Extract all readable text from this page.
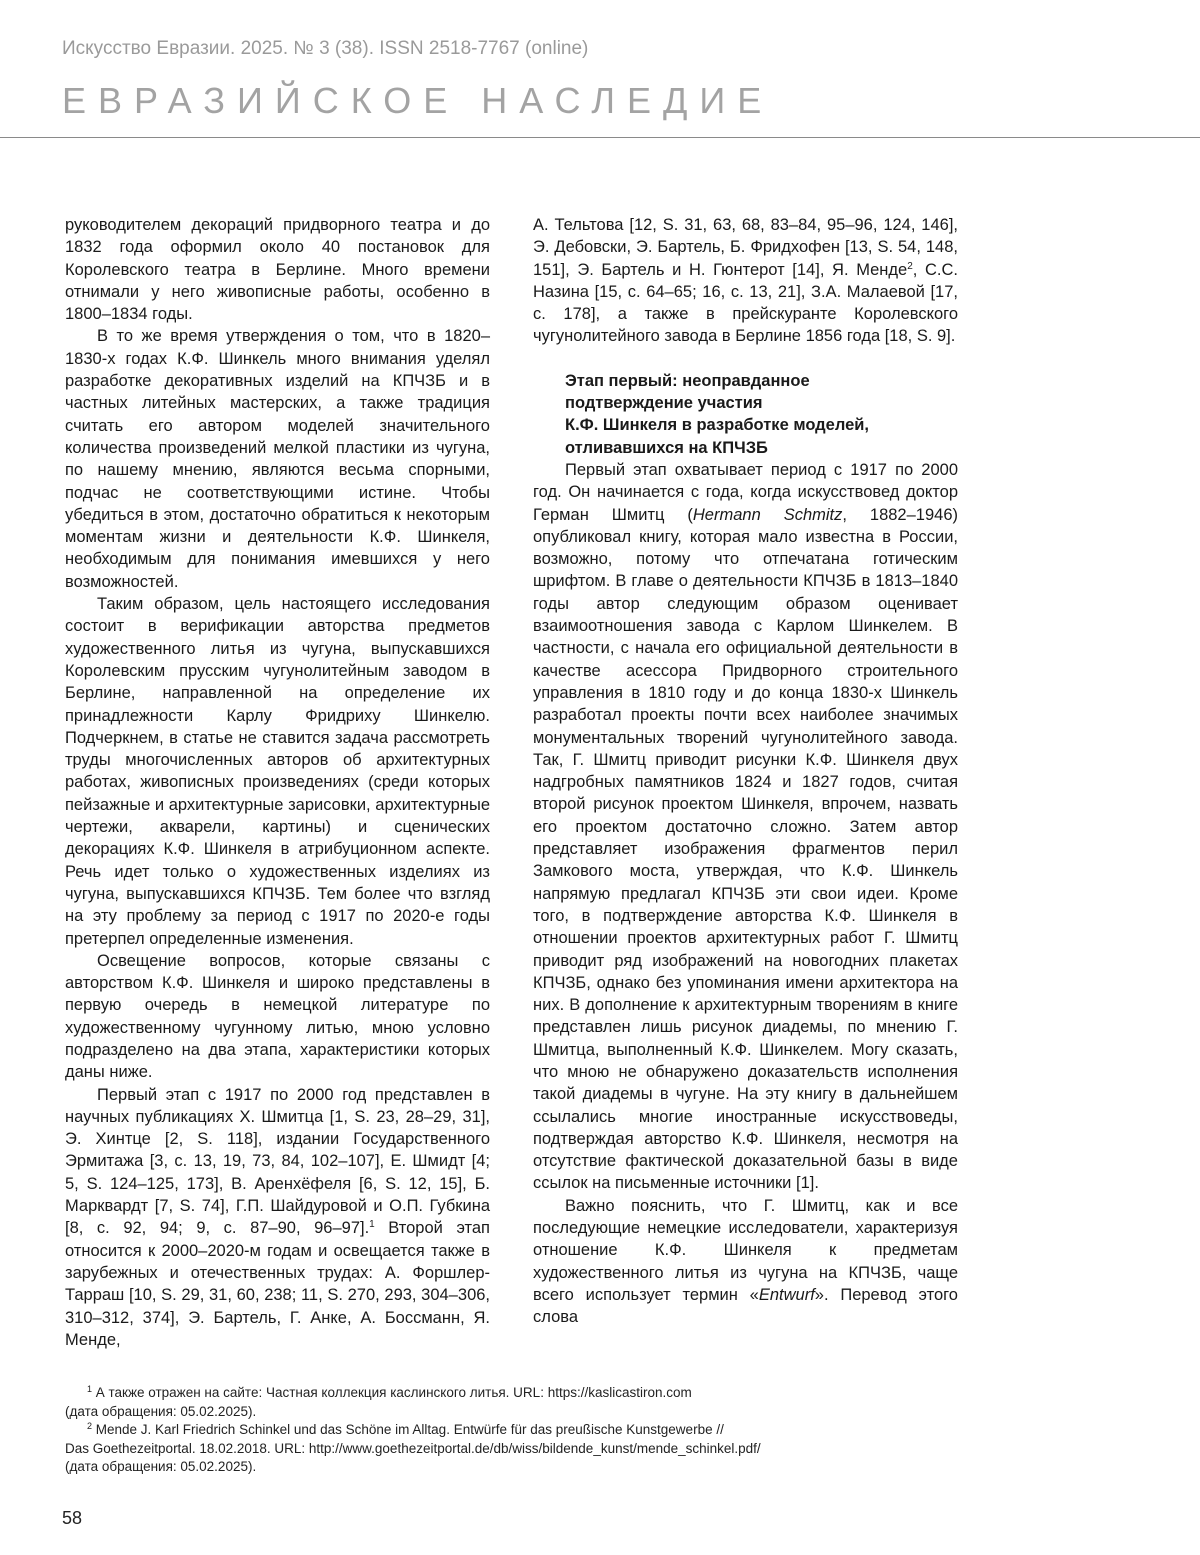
Искусство Евразии. 2025. № 3 (38). ISSN 2518-7767 (online)
ЕВРАЗИЙСКОЕ НАСЛЕДИЕ

руководителем декораций придворного театра и до 1832 года оформил около 40 постановок для Королевского театра в Берлине. Много времени отнимали у него живописные работы, особенно в 1800–1834 годы.

В то же время утверждения о том, что в 1820–1830-х годах К.Ф. Шинкель много внимания уделял разработке декоративных изделий на КПЧЗБ и в частных литейных мастерских, а также традиция считать его автором моделей значительного количества произведений мелкой пластики из чугуна, по нашему мнению, являются весьма спорными, подчас не соответствующими истине. Чтобы убедиться в этом, достаточно обратиться к некоторым моментам жизни и деятельности К.Ф. Шинкеля, необходимым для понимания имевшихся у него возможностей.

Таким образом, цель настоящего исследования состоит в верификации авторства предметов художественного литья из чугуна, выпускавшихся Королевским прусским чугунолитейным заводом в Берлине, направленной на определение их принадлежности Карлу Фридриху Шинкелю. Подчеркнем, в статье не ставится задача рассмотреть труды многочисленных авторов об архитектурных работах, живописных произведениях (среди которых пейзажные и архитектурные зарисовки, архитектурные чертежи, акварели, картины) и сценических декорациях К.Ф. Шинкеля в атрибуционном аспекте. Речь идет только о художественных изделиях из чугуна, выпускавшихся КПЧЗБ. Тем более что взгляд на эту проблему за период с 1917 по 2020-е годы претерпел определенные изменения.

Освещение вопросов, которые связаны с авторством К.Ф. Шинкеля и широко представлены в первую очередь в немецкой литературе по художественному чугунному литью, мною условно подразделено на два этапа, характеристики которых даны ниже.

Первый этап с 1917 по 2000 год представлен в научных публикациях Х. Шмитца [1, S. 23, 28–29, 31], Э. Хинтце [2, S. 118], издании Государственного Эрмитажа [3, с. 13, 19, 73, 84, 102–107], Е. Шмидт [4; 5, S. 124–125, 173], В. Аренхёфеля [6, S. 12, 15], Б. Марквардт [7, S. 74], Г.П. Шайдуровой и О.П. Губкина [8, с. 92, 94; 9, с. 87–90, 96–97].$^1$ Второй этап относится к 2000–2020-м годам и освещается также в зарубежных и отечественных трудах: А. Форшлер-Тарраш [10, S. 29, 31, 60, 238; 11, S. 270, 293, 304–306, 310–312, 374], Э. Бартель, Г. Анке, А. Боссманн, Я. Менде,

А. Тельтова [12, S. 31, 63, 68, 83–84, 95–96, 124, 146], Э. Дебовски, Э. Бартель, Б. Фридхофен [13, S. 54, 148, 151], Э. Бартель и Н. Гюнтерот [14], Я. Менде$^2$, С.С. Назина [15, с. 64–65; 16, с. 13, 21], З.А. Малаевой [17, с. 178], а также в прейскуранте Королевского чугунолитейного завода в Берлине 1856 года [18, S. 9].

Этап первый: неоправданное
подтверждение участия
К.Ф. Шинкеля в разработке моделей,
отливавшихся на КПЧЗБ

Первый этап охватывает период с 1917 по 2000 год. Он начинается с года, когда искусствовед доктор Герман Шмитц (Hermann Schmitz, 1882–1946) опубликовал книгу, которая мало известна в России, возможно, потому что отпечатана готическим шрифтом. В главе о деятельности КПЧЗБ в 1813–1840 годы автор следующим образом оценивает взаимоотношения завода с Карлом Шинкелем. В частности, с начала его официальной деятельности в качестве асессора Придворного строительного управления в 1810 году и до конца 1830-х Шинкель разработал проекты почти всех наиболее значимых монументальных творений чугунолитейного завода. Так, Г. Шмитц приводит рисунки К.Ф. Шинкеля двух надгробных памятников 1824 и 1827 годов, считая второй рисунок проектом Шинкеля, впрочем, назвать его проектом достаточно сложно. Затем автор представляет изображения фрагментов перил Замкового моста, утверждая, что К.Ф. Шинкель напрямую предлагал КПЧЗБ эти свои идеи. Кроме того, в подтверждение авторства К.Ф. Шинкеля в отношении проектов архитектурных работ Г. Шмитц приводит ряд изображений на новогодних плакетах КПЧЗБ, однако без упоминания имени архитектора на них. В дополнение к архитектурным творениям в книге представлен лишь рисунок диадемы, по мнению Г. Шмитца, выполненный К.Ф. Шинкелем. Могу сказать, что мною не обнаружено доказательств исполнения такой диадемы в чугуне. На эту книгу в дальнейшем ссылались многие иностранные искусствоведы, подтверждая авторство К.Ф. Шинкеля, несмотря на отсутствие фактической доказательной базы в виде ссылок на письменные источники [1].

Важно пояснить, что Г. Шмитц, как и все последующие немецкие исследователи, характеризуя отношение К.Ф. Шинкеля к предметам художественного литья из чугуна на КПЧЗБ, чаще всего использует термин «Entwurf». Перевод этого слова

$^1$ А также отражен на сайте: Частная коллекция каслинского литья. URL: https://kaslicastiron.com

(дата обращения: 05.02.2025).

$^2$ Mende J. Karl Friedrich Schinkel und das Schöne im Alltag. Entwürfe für das preußische Kunstgewerbe //

Das Goethezeitportal. 18.02.2018. URL: http://www.goethezeitportal.de/db/wiss/bildende_kunst/mende_schinkel.pdf/

(дата обращения: 05.02.2025).

58
